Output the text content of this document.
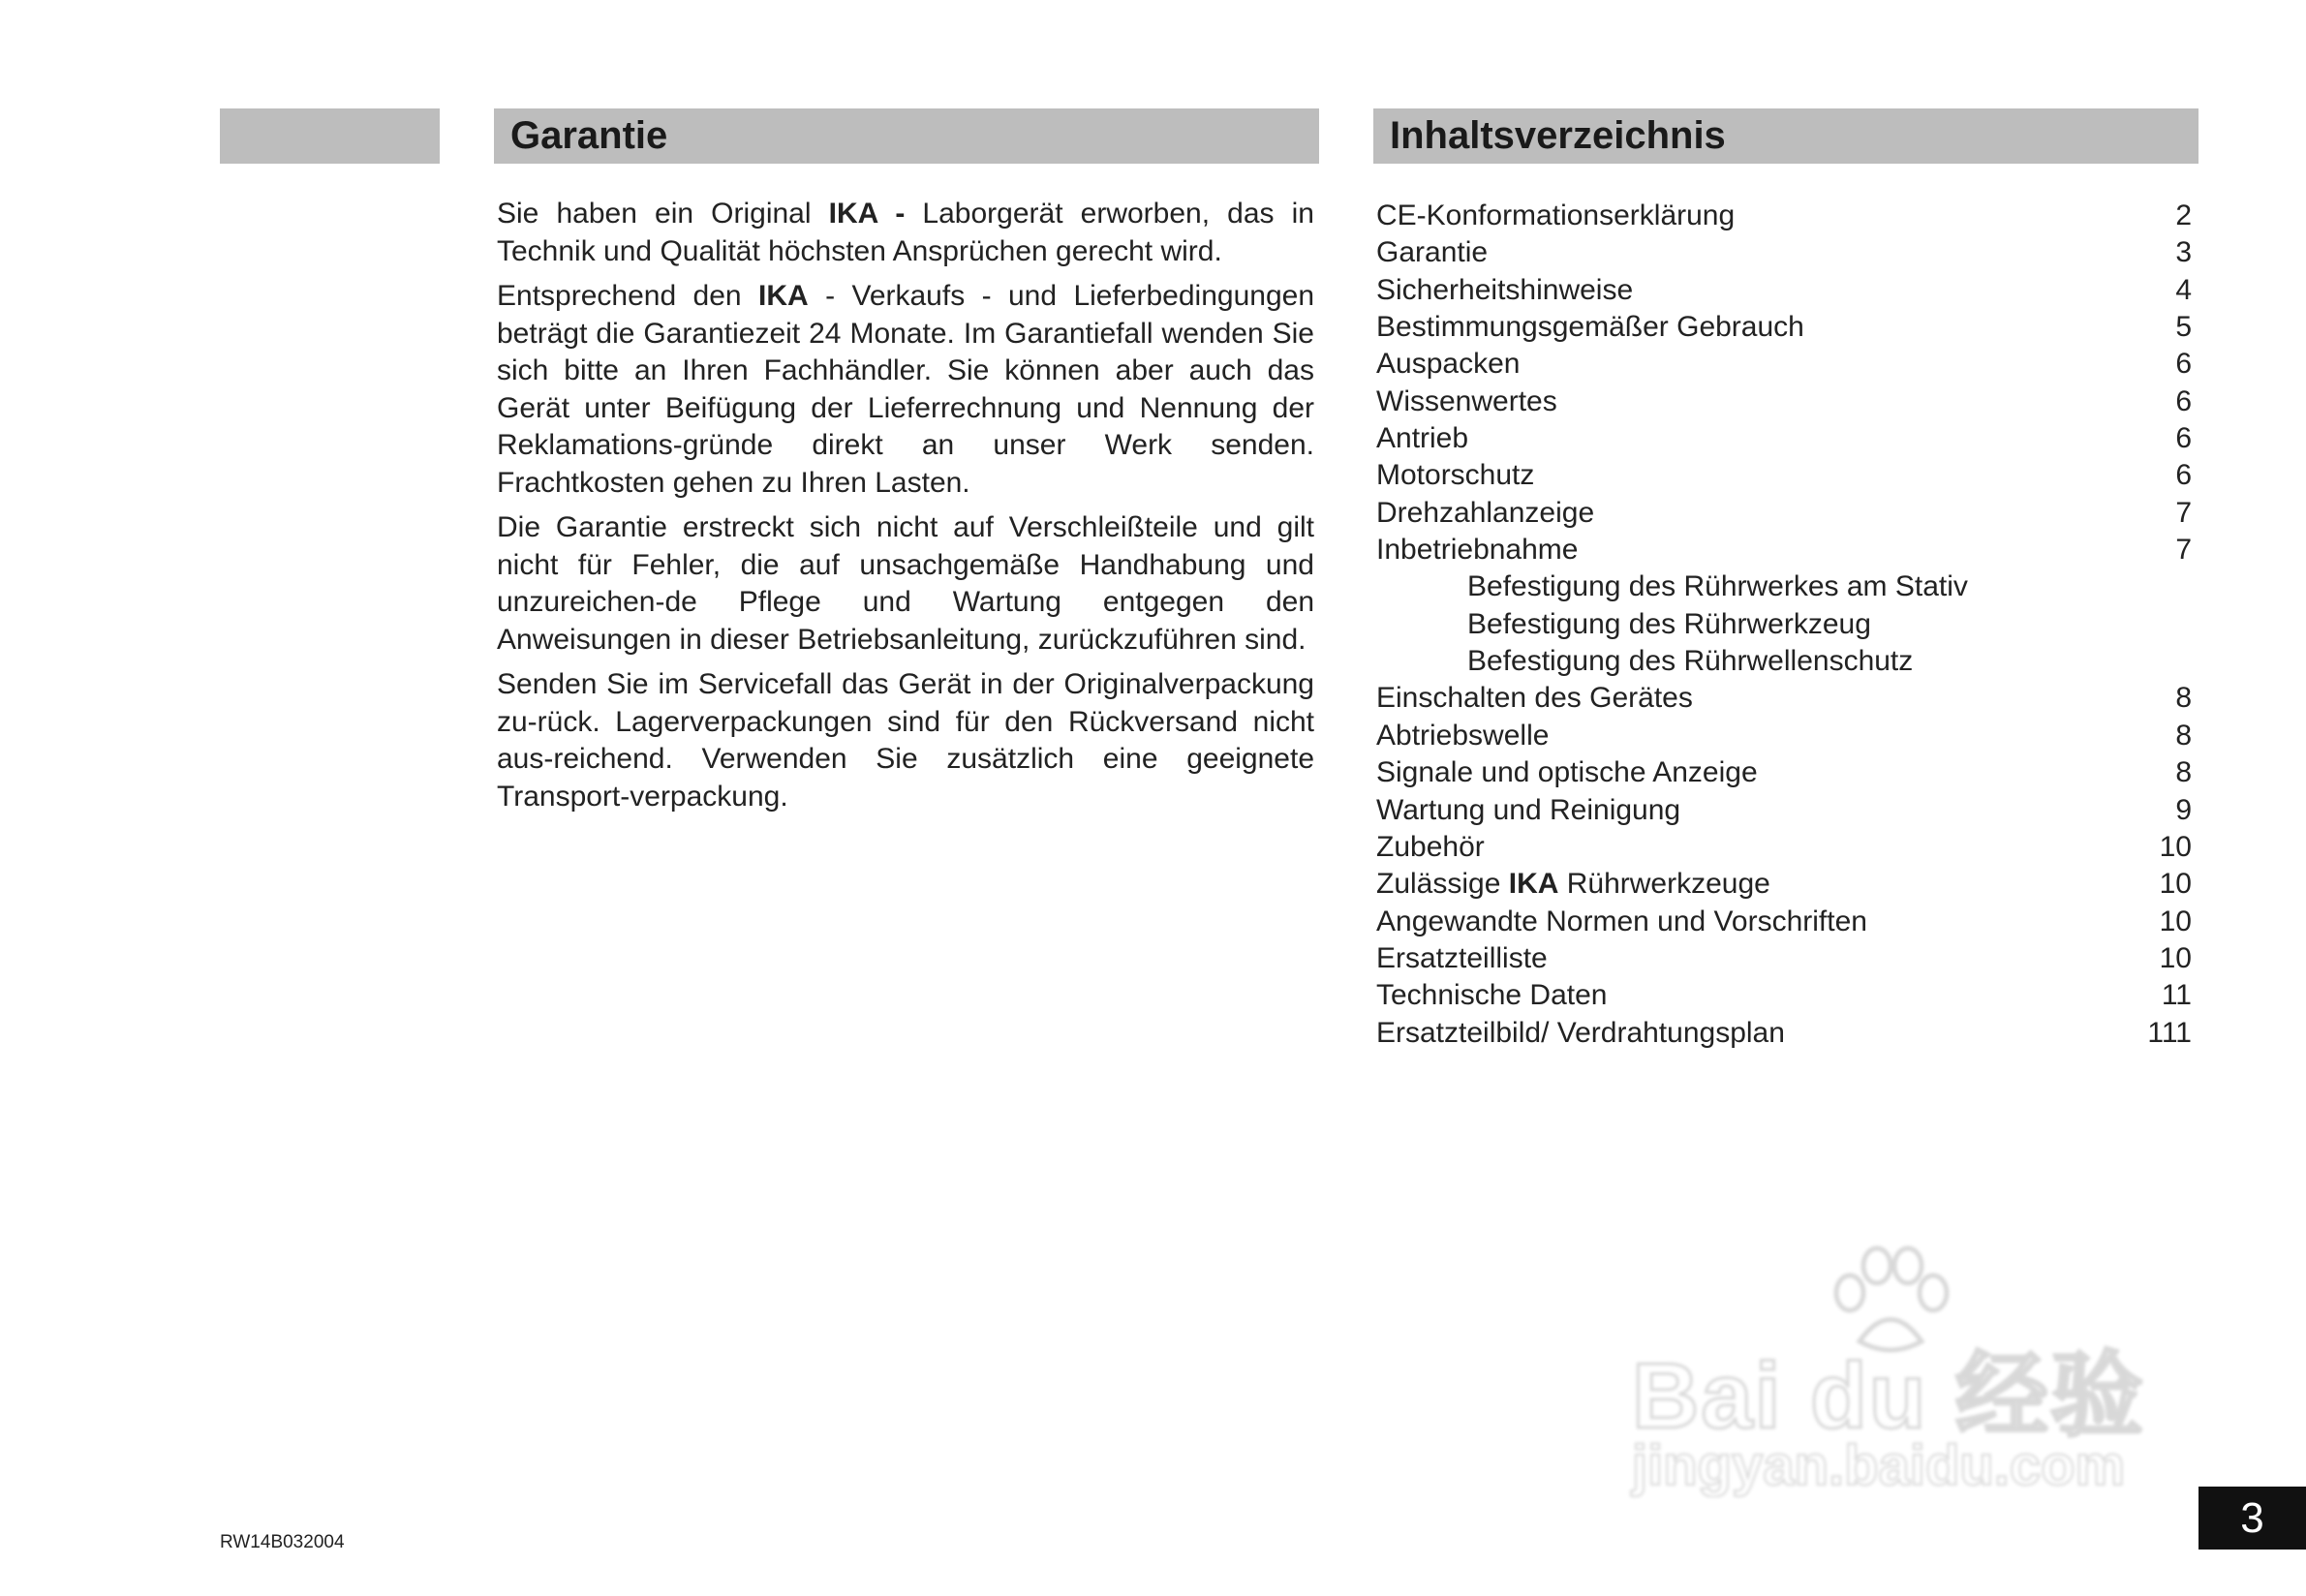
Garantie	Inhaltsverzeichnis

Sie haben ein Original IKA - Laborgerät erworben, das in Technik und Qualität höchsten Ansprüchen gerecht wird.

Entsprechend den IKA - Verkaufs - und Lieferbedingungen beträgt die Garantiezeit 24 Monate. Im Garantiefall wenden Sie sich bitte an Ihren Fachhändler. Sie können aber auch das Gerät unter Beifügung der Lieferrechnung und Nennung der Reklamations-gründe direkt an unser Werk senden. Frachtkosten gehen zu Ihren Lasten.

Die Garantie erstreckt sich nicht auf Verschleißteile und gilt nicht für Fehler, die auf unsachgemäße Handhabung und unzureichen-de Pflege und Wartung entgegen den Anweisungen in dieser Betriebsanleitung, zurückzuführen sind.

Senden Sie im Servicefall das Gerät in der Originalverpackung zu-rück. Lagerverpackungen sind für den Rückversand nicht aus-reichend. Verwenden Sie zusätzlich eine geeignete Transport-verpackung.

CE-Konformationserklärung	2
Garantie	3
Sicherheitshinweise	4
Bestimmungsgemäßer Gebrauch	5
Auspacken	6
Wissenwertes	6
Antrieb	6
Motorschutz	6
Drehzahlanzeige	7
Inbetriebnahme	7
Befestigung des Rührwerkes am Stativ
Befestigung des Rührwerkzeug
Befestigung des Rührwellenschutz
Einschalten des Gerätes	8
Abtriebswelle	8
Signale und optische Anzeige	8
Wartung und Reinigung	9
Zubehör	10
Zulässige IKA Rührwerkzeuge	10
Angewandte Normen und Vorschriften	10
Ersatzteilliste	10
Technische Daten	11
Ersatzteilbild/ Verdrahtungsplan	111
Bai du 经验
jingyan.baidu.com
RW14B032004
3
